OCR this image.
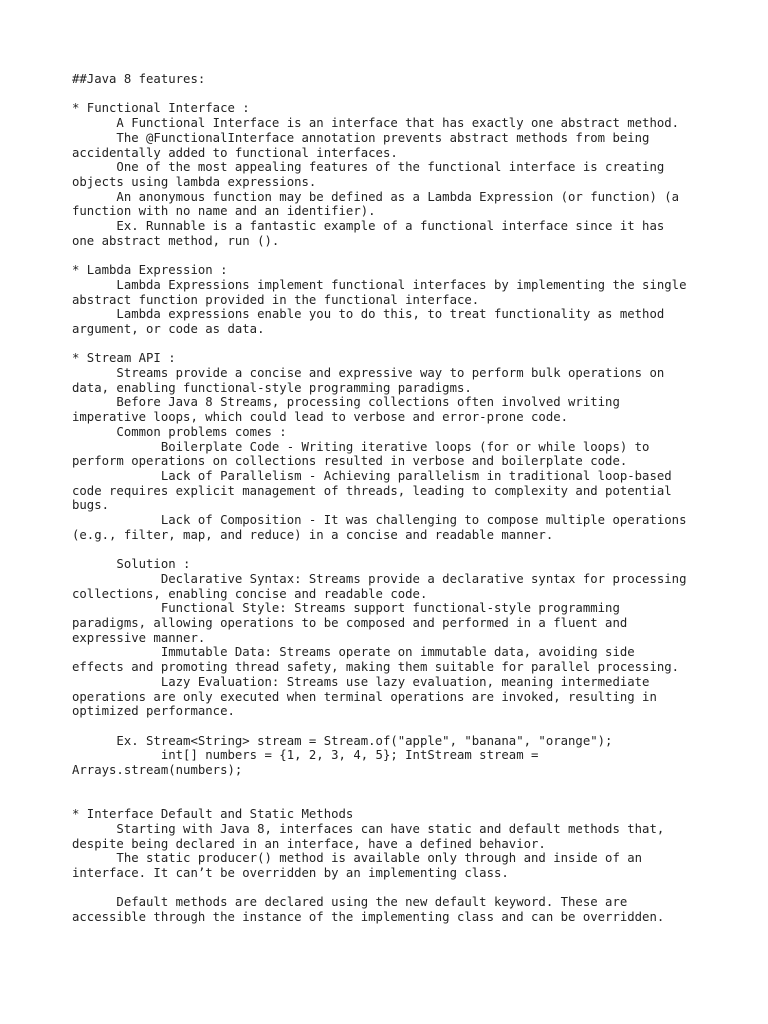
##Java 8 features:

* Functional Interface :
A Functional Interface is an interface that has exactly one abstract method.
The @FunctionalInterface annotation prevents abstract methods from being
accidentally added to functional interfaces.
One of the most appealing features of the functional interface is creating
objects using lambda expressions.
An anonymous function may be defined as a Lambda Expression (or function) (a
function with no name and an identifier).
Ex. Runnable is a fantastic example of a functional interface since it has
one abstract method, run ().

* Lambda Expression :
Lambda Expressions implement functional interfaces by implementing the single
abstract function provided in the functional interface.
Lambda expressions enable you to do this, to treat functionality as method
argument, or code as data.

* Stream API :
Streams provide a concise and expressive way to perform bulk operations on
data, enabling functional-style programming paradigms.
Before Java 8 Streams, processing collections often involved writing
imperative loops, which could lead to verbose and error-prone code.
Common problems comes :
Boilerplate Code - Writing iterative loops (for or while loops) to
perform operations on collections resulted in verbose and boilerplate code.
Lack of Parallelism - Achieving parallelism in traditional loop-based
code requires explicit management of threads, leading to complexity and potential
bugs.
Lack of Composition - It was challenging to compose multiple operations
(e.g., filter, map, and reduce) in a concise and readable manner.

Solution :
Declarative Syntax: Streams provide a declarative syntax for processing
collections, enabling concise and readable code.
Functional Style: Streams support functional-style programming
paradigms, allowing operations to be composed and performed in a fluent and
expressive manner.
Immutable Data: Streams operate on immutable data, avoiding side
effects and promoting thread safety, making them suitable for parallel processing.
Lazy Evaluation: Streams use lazy evaluation, meaning intermediate
operations are only executed when terminal operations are invoked, resulting in
optimized performance.

Ex. Stream<String> stream = Stream.of("apple", "banana", "orange");
int[] numbers = {1, 2, 3, 4, 5}; IntStream stream =
Arrays.stream(numbers);

* Interface Default and Static Methods
Starting with Java 8, interfaces can have static and default methods that,
despite being declared in an interface, have a defined behavior.
The static producer() method is available only through and inside of an
interface. It can’t be overridden by an implementing class.

Default methods are declared using the new default keyword. These are
accessible through the instance of the implementing class and can be overridden.
